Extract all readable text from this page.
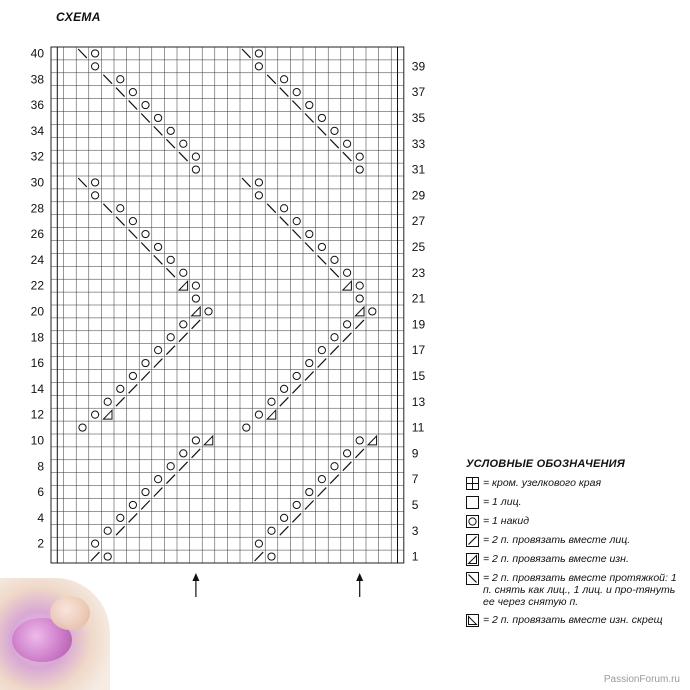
СХЕМА
2
4
6
8
10
12
14
16
18
20
22
24
26
28
30
32
34
36
38
40
1
3
5
7
9
11
13
15
17
19
21
23
25
27
29
31
33
35
37
39
УСЛОВНЫЕ ОБОЗНАЧЕНИЯ
= кром. узелкового края
= 1 лиц.
= 1 накид
= 2 п. провязать вместе лиц.
= 2 п. провязать вместе изн.
= 2 п. провязать вместе протяжкой: 1 п. снять как лиц., 1 лиц. и про-тянуть ее через снятую п.
= 2 п. провязать вместе изн. скрещ
PassionForum.ru
